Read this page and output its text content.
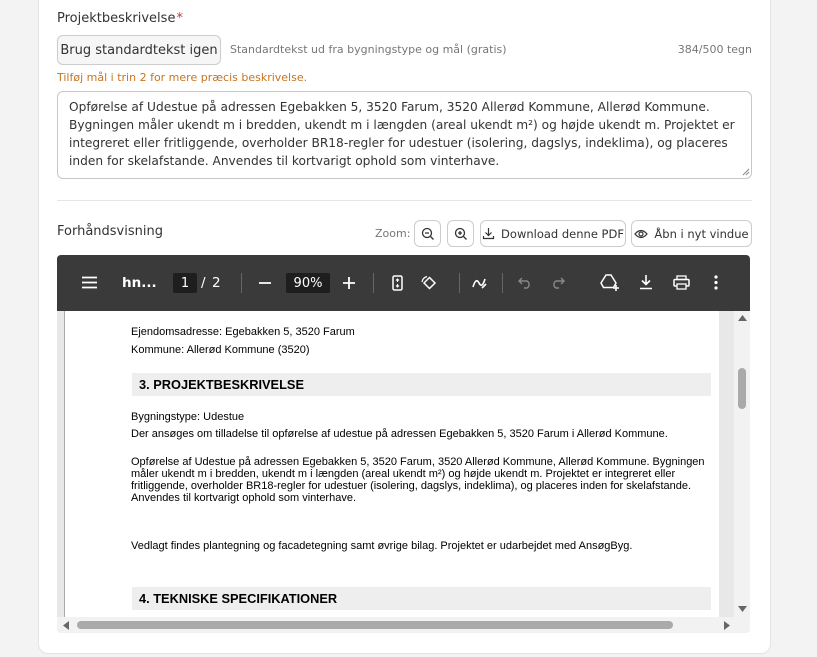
Projektbeskrivelse*
Brug standardtekst igen	Standardtekst ud fra bygningstype og mål (gratis)	384/500 tegn
Tilføj mål i trin 2 for mere præcis beskrivelse.
Opførelse af Udestue på adressen Egebakken 5, 3520 Farum, 3520 Allerød Kommune, Allerød Kommune. Bygningen måler ukendt m i bredden, ukendt m i længden (areal ukendt m²) og højde ukendt m. Projektet er integreret eller fritliggende, overholder BR18-regler for udestuer (isolering, dagslys, indeklima), og placeres inden for skelafstande. Anvendes til kortvarigt ophold som vinterhave.
Forhåndsvisning	Zoom:	Download denne PDF	Åbn i nyt vindue
hn...	1 / 2	90%
Ejendomsadresse: Egebakken 5, 3520 Farum
Kommune: Allerød Kommune (3520)
3. PROJEKTBESKRIVELSE
Bygningstype: Udestue
Der ansøges om tilladelse til opførelse af udestue på adressen Egebakken 5, 3520 Farum i Allerød Kommune.
Opførelse af Udestue på adressen Egebakken 5, 3520 Farum, 3520 Allerød Kommune, Allerød Kommune. Bygningen
måler ukendt m i bredden, ukendt m i længden (areal ukendt m²) og højde ukendt m. Projektet er integreret eller
fritliggende, overholder BR18-regler for udestuer (isolering, dagslys, indeklima), og placeres inden for skelafstande.
Anvendes til kortvarigt ophold som vinterhave.
Vedlagt findes plantegning og facadetegning samt øvrige bilag. Projektet er udarbejdet med AnsøgByg.
4. TEKNISKE SPECIFIKATIONER
